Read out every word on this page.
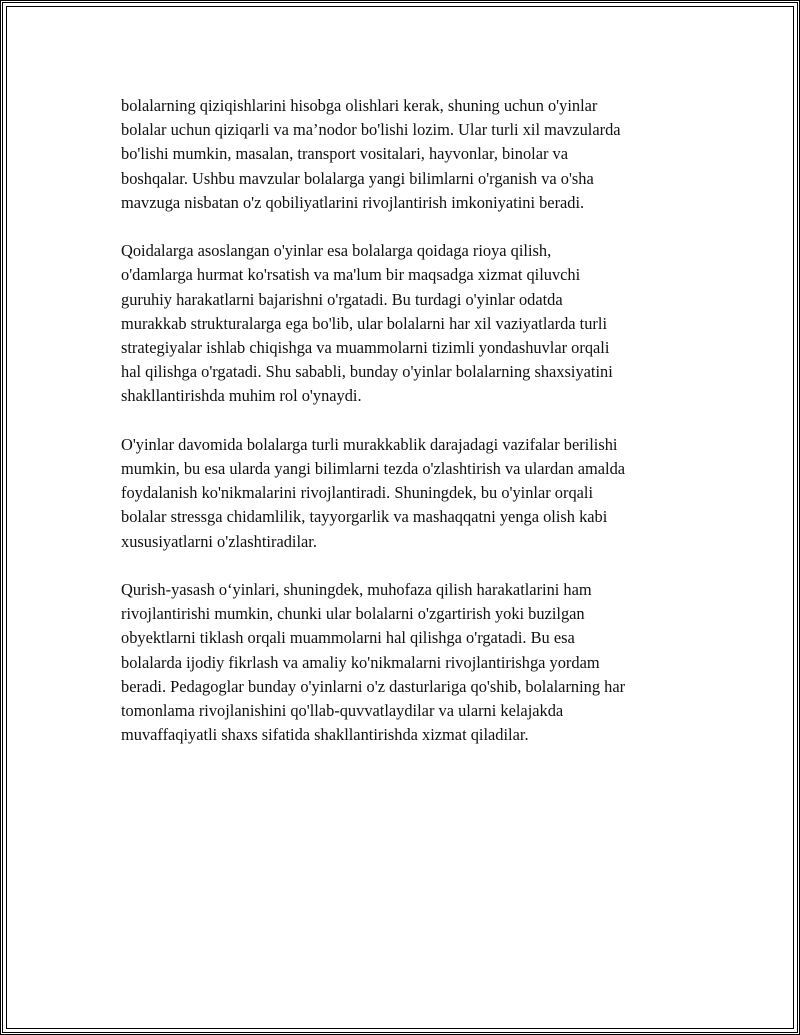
bolalarning qiziqishlarini hisobga olishlari kerak, shuning uchun o'yinlar
bolalar uchun qiziqarli va ma’nodor bo'lishi lozim. Ular turli xil mavzularda
bo'lishi mumkin, masalan, transport vositalari, hayvonlar, binolar va
boshqalar. Ushbu mavzular bolalarga yangi bilimlarni o'rganish va o'sha
mavzuga nisbatan o'z qobiliyatlarini rivojlantirish imkoniyatini beradi.

Qoidalarga asoslangan o'yinlar esa bolalarga qoidaga rioya qilish,
o'damlarga hurmat ko'rsatish va ma'lum bir maqsadga xizmat qiluvchi
guruhiy harakatlarni bajarishni o'rgatadi. Bu turdagi o'yinlar odatda
murakkab strukturalarga ega bo'lib, ular bolalarni har xil vaziyatlarda turli
strategiyalar ishlab chiqishga va muammolarni tizimli yondashuvlar orqali
hal qilishga o'rgatadi. Shu sababli, bunday o'yinlar bolalarning shaxsiyatini
shakllantirishda muhim rol o'ynaydi.

O'yinlar davomida bolalarga turli murakkablik darajadagi vazifalar berilishi
mumkin, bu esa ularda yangi bilimlarni tezda o'zlashtirish va ulardan amalda
foydalanish ko'nikmalarini rivojlantiradi. Shuningdek, bu o'yinlar orqali
bolalar stressga chidamlilik, tayyorgarlik va mashaqqatni yenga olish kabi
xususiyatlarni o'zlashtiradilar.

Qurish-yasash o‘yinlari, shuningdek, muhofaza qilish harakatlarini ham
rivojlantirishi mumkin, chunki ular bolalarni o'zgartirish yoki buzilgan
obyektlarni tiklash orqali muammolarni hal qilishga o'rgatadi. Bu esa
bolalarda ijodiy fikrlash va amaliy ko'nikmalarni rivojlantirishga yordam
beradi. Pedagoglar bunday o'yinlarni o'z dasturlariga qo'shib, bolalarning har
tomonlama rivojlanishini qo'llab-quvvatlaydilar va ularni kelajakda
muvaffaqiyatli shaxs sifatida shakllantirishda xizmat qiladilar.
